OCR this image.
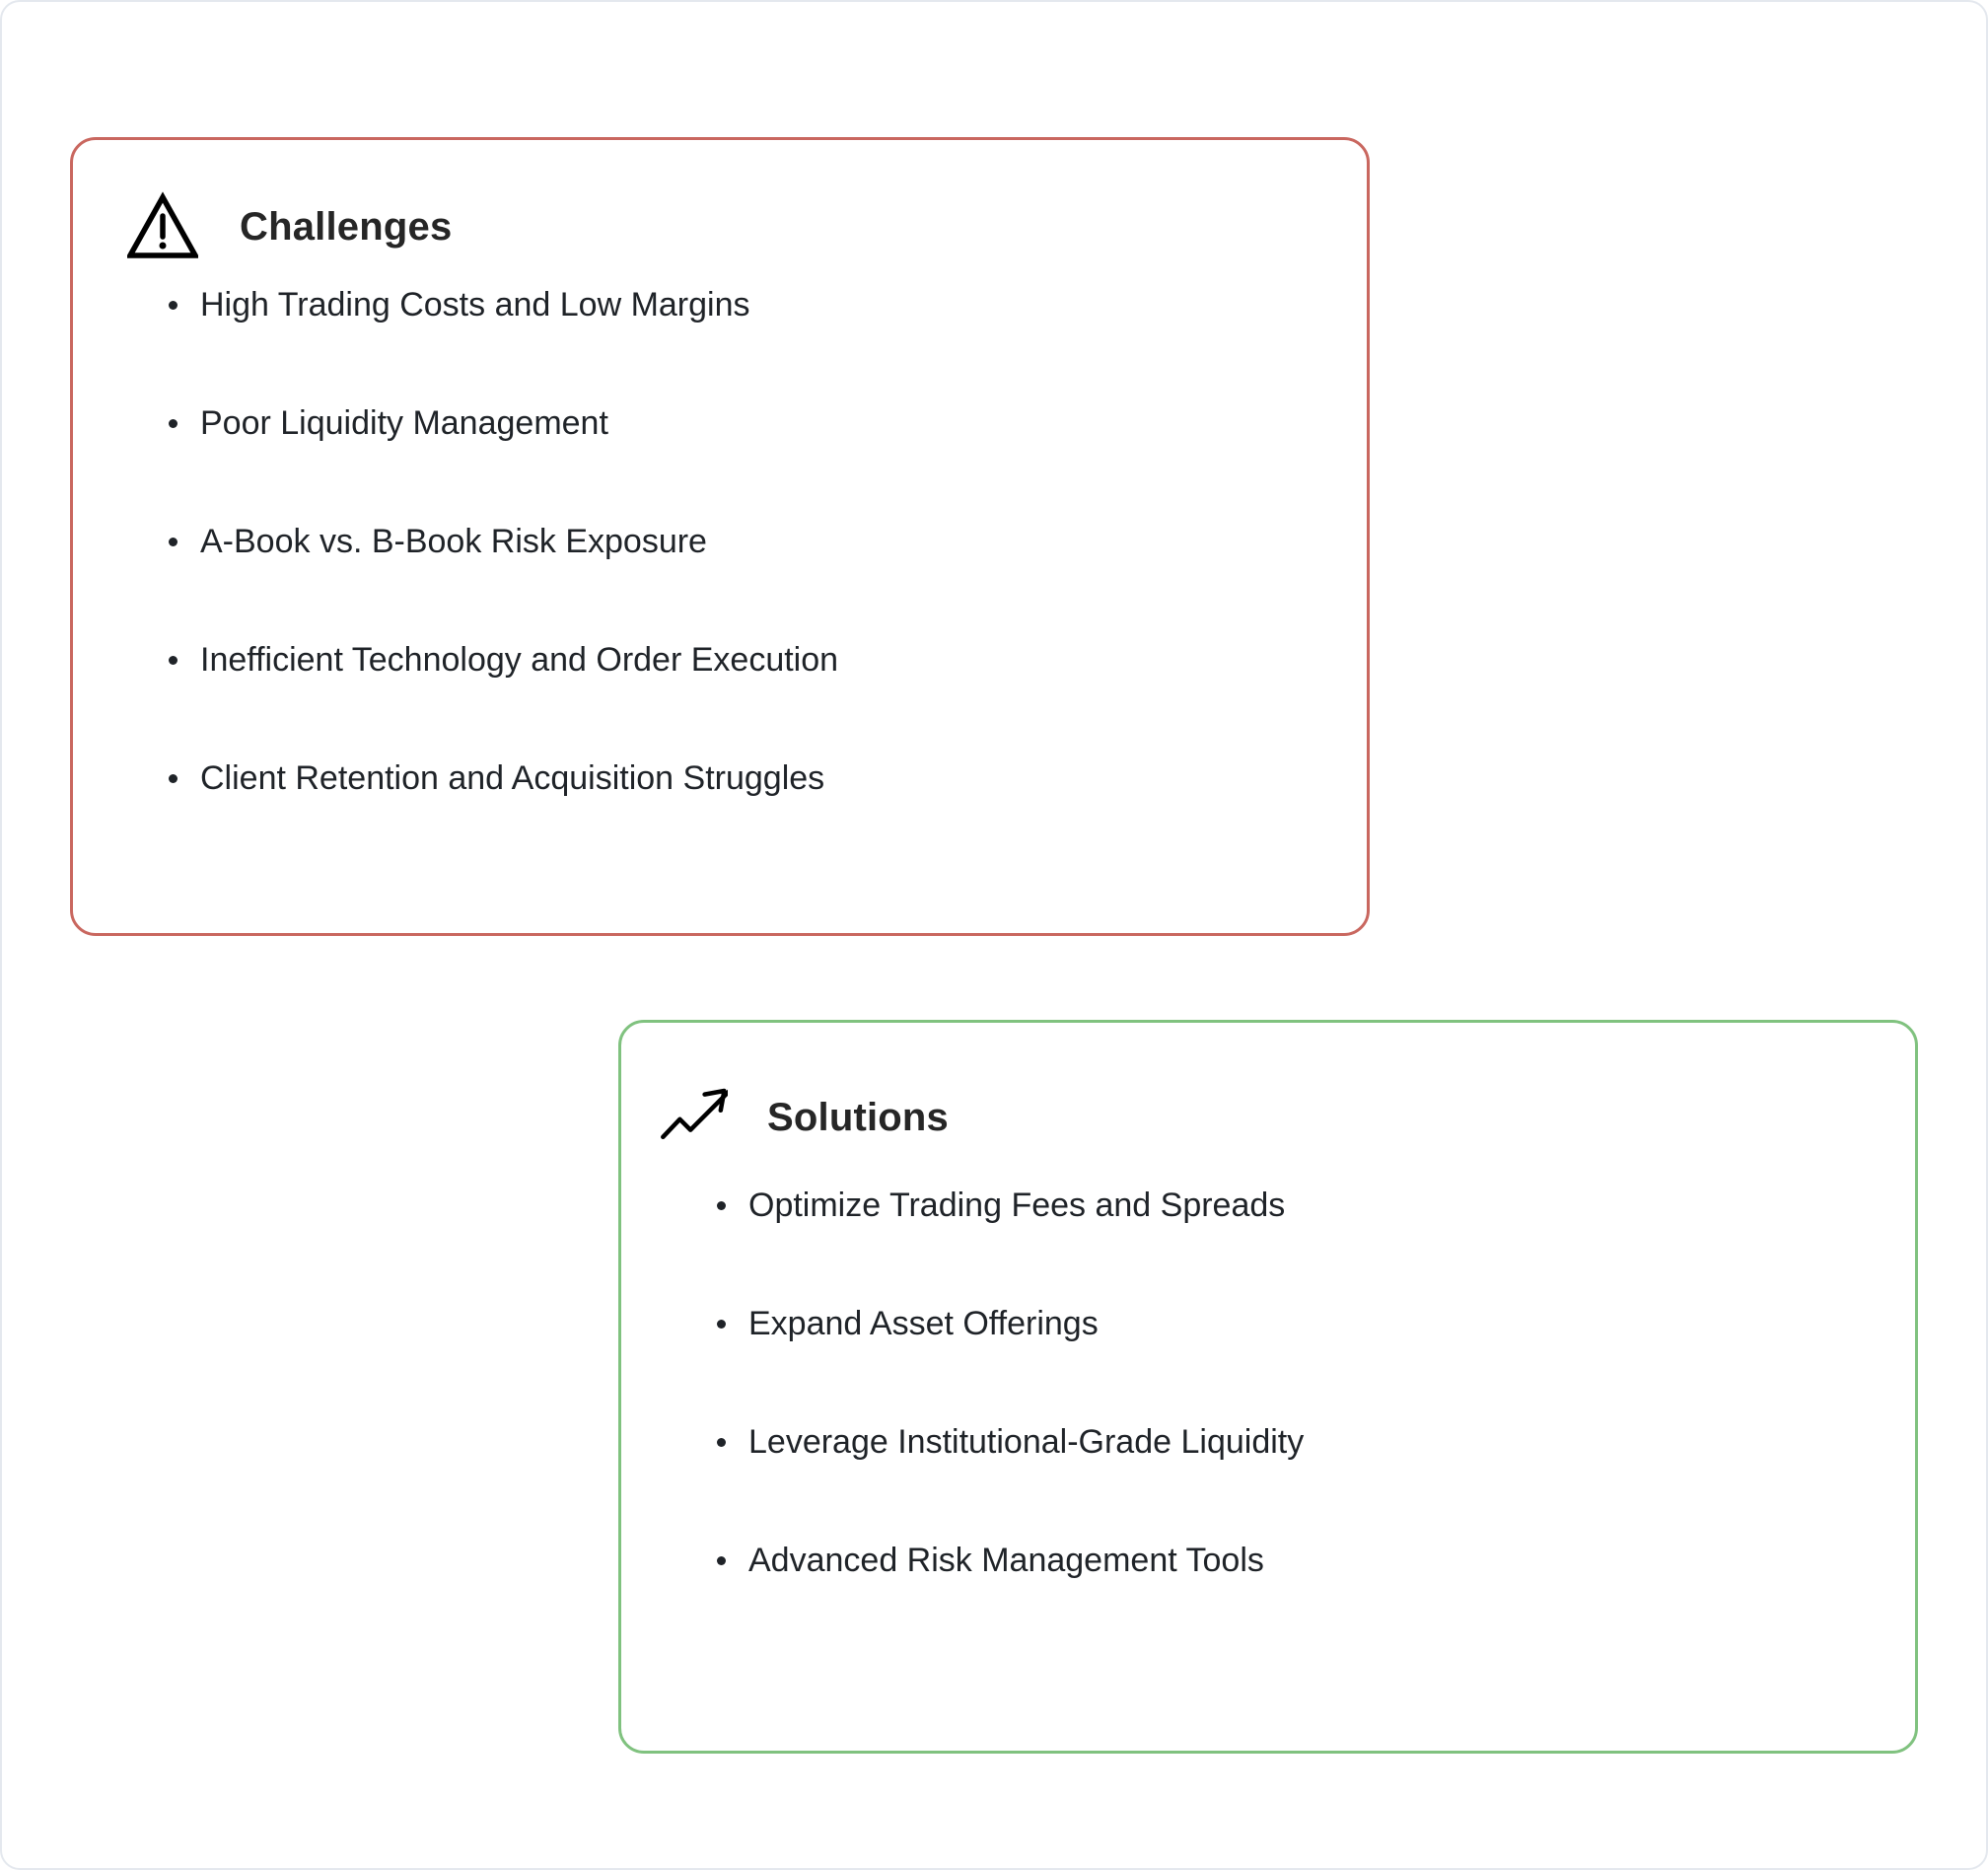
Challenges
High Trading Costs and Low Margins
Poor Liquidity Management
A-Book vs. B-Book Risk Exposure
Inefficient Technology and Order Execution
Client Retention and Acquisition Struggles
Solutions
Optimize Trading Fees and Spreads
Expand Asset Offerings
Leverage Institutional-Grade Liquidity
Advanced Risk Management Tools
